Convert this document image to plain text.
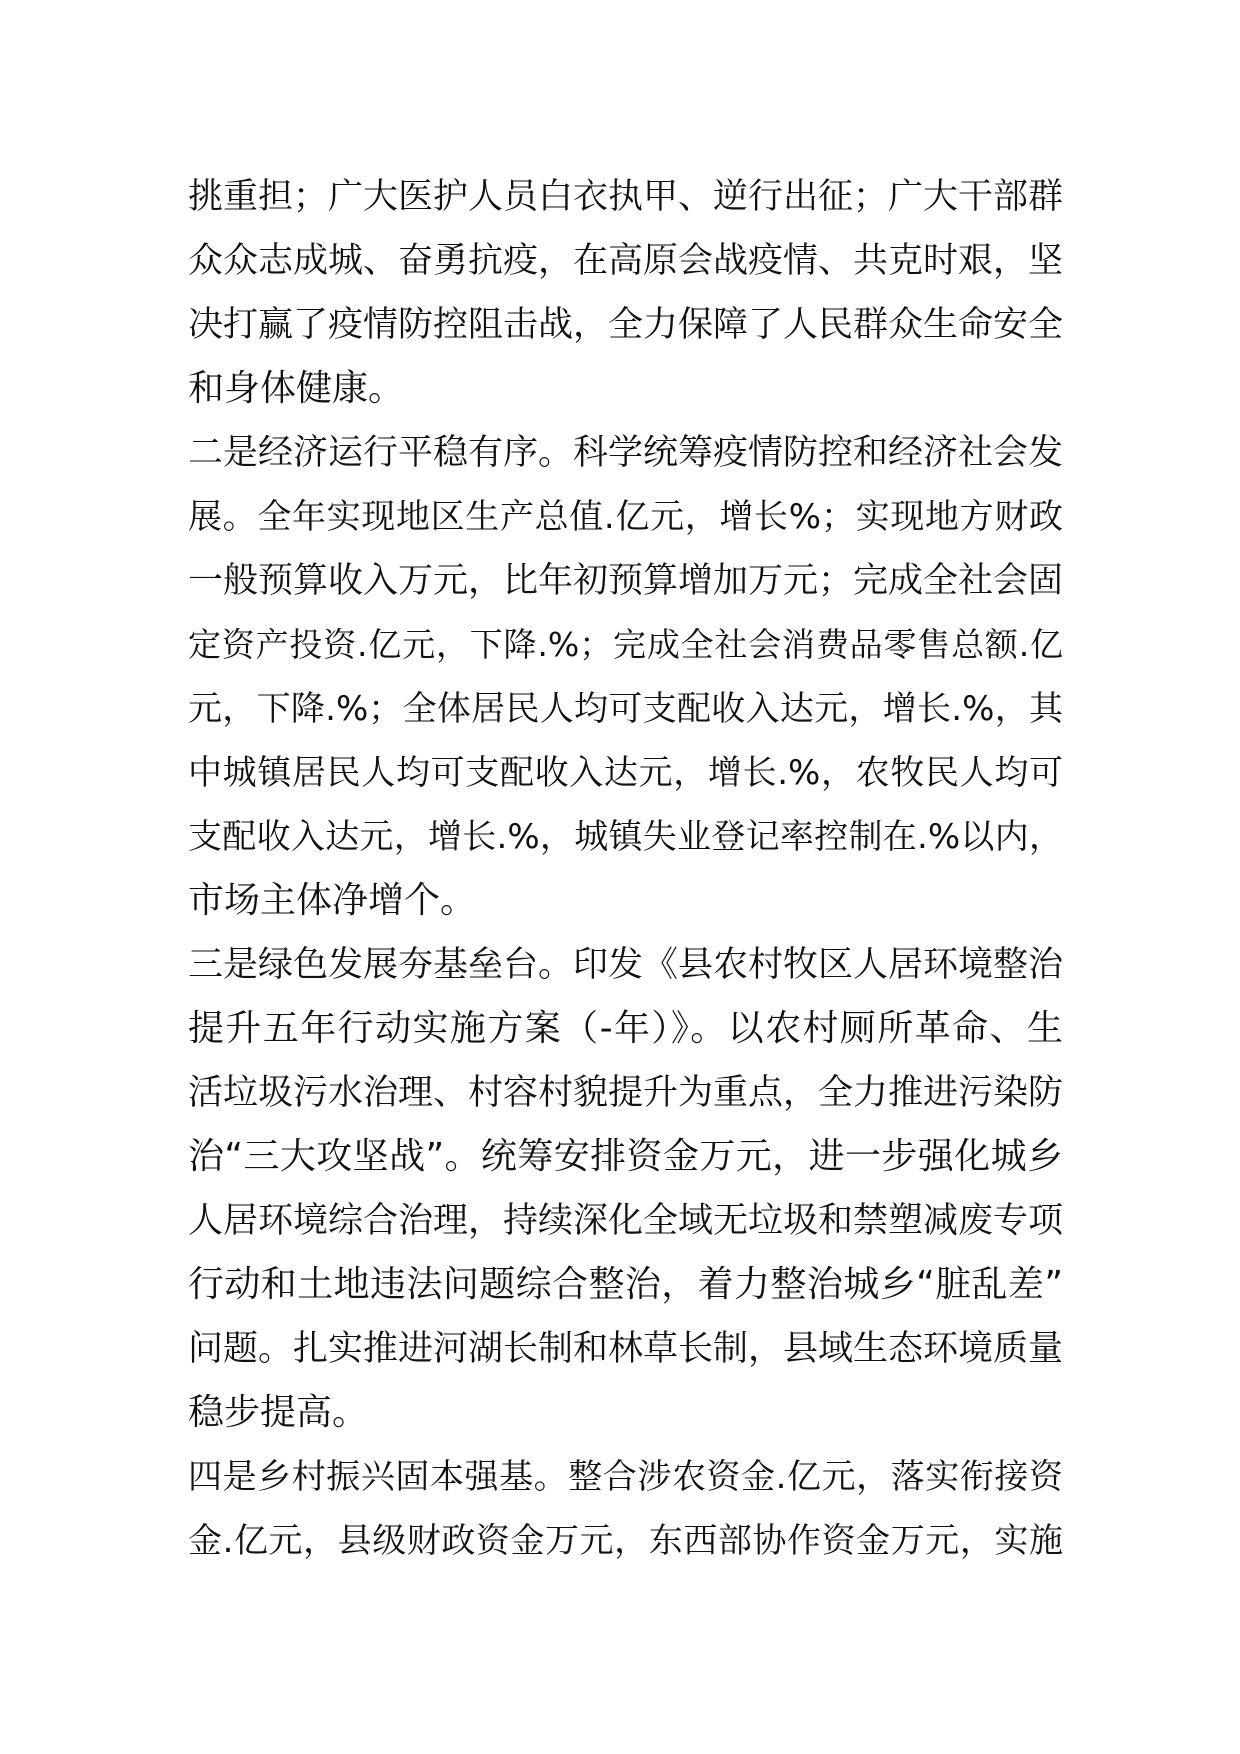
挑重担；广大医护人员白衣执甲、逆行出征；广大干部群
众众志成城、奋勇抗疫，在高原会战疫情、共克时艰，坚
决打赢了疫情防控阻击战，全力保障了人民群众生命安全
和身体健康。
二是经济运行平稳有序。科学统筹疫情防控和经济社会发
展。全年实现地区生产总值.亿元，增长%；实现地方财政
一般预算收入万元，比年初预算增加万元；完成全社会固
定资产投资.亿元，下降.%；完成全社会消费品零售总额.亿
元，下降.%；全体居民人均可支配收入达元，增长.%，其
中城镇居民人均可支配收入达元，增长.%，农牧民人均可
支配收入达元，增长.%，城镇失业登记率控制在.%以内，
市场主体净增个。
三是绿色发展夯基垒台。印发《县农村牧区人居环境整治
提升五年行动实施方案（-年）》。以农村厕所革命、生
活垃圾污水治理、村容村貌提升为重点，全力推进污染防
治“三大攻坚战”。统筹安排资金万元，进一步强化城乡
人居环境综合治理，持续深化全域无垃圾和禁塑减废专项
行动和土地违法问题综合整治，着力整治城乡“脏乱差”
问题。扎实推进河湖长制和林草长制，县域生态环境质量
稳步提高。
四是乡村振兴固本强基。整合涉农资金.亿元，落实衔接资
金.亿元，县级财政资金万元，东西部协作资金万元，实施
